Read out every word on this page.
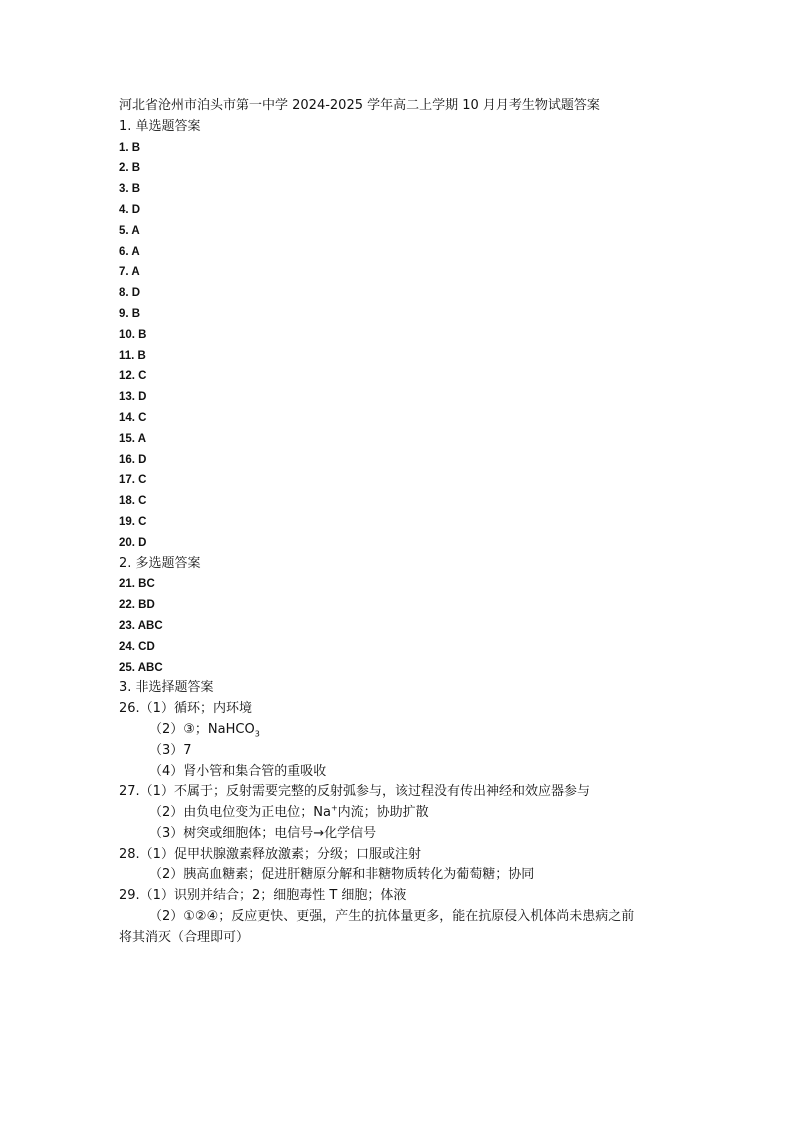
河北省沧州市泊头市第一中学 2024-2025 学年高二上学期 10 月月考生物试题答案
1. 单选题答案
1. B
2. B
3. B
4. D
5. A
6. A
7. A
8. D
9. B
10. B
11. B
12. C
13. D
14. C
15. A
16. D
17. C
18. C
19. C
20. D
2. 多选题答案
21. BC
22. BD
23. ABC
24. CD
25. ABC
3. 非选择题答案
26.（1）循环；内环境
（2）③；NaHCO$_3$
（3）7
（4）肾小管和集合管的重吸收
27.（1）不属于；反射需要完整的反射弧参与，该过程没有传出神经和效应器参与
（2）由负电位变为正电位；Na+内流；协助扩散
（3）树突或细胞体；电信号→化学信号
28.（1）促甲状腺激素释放激素；分级；口服或注射
（2）胰高血糖素；促进肝糖原分解和非糖物质转化为葡萄糖；协同
29.（1）识别并结合；2；细胞毒性 T 细胞；体液
（2）①②④；反应更快、更强，产生的抗体量更多，能在抗原侵入机体尚未患病之前
将其消灭（合理即可）
